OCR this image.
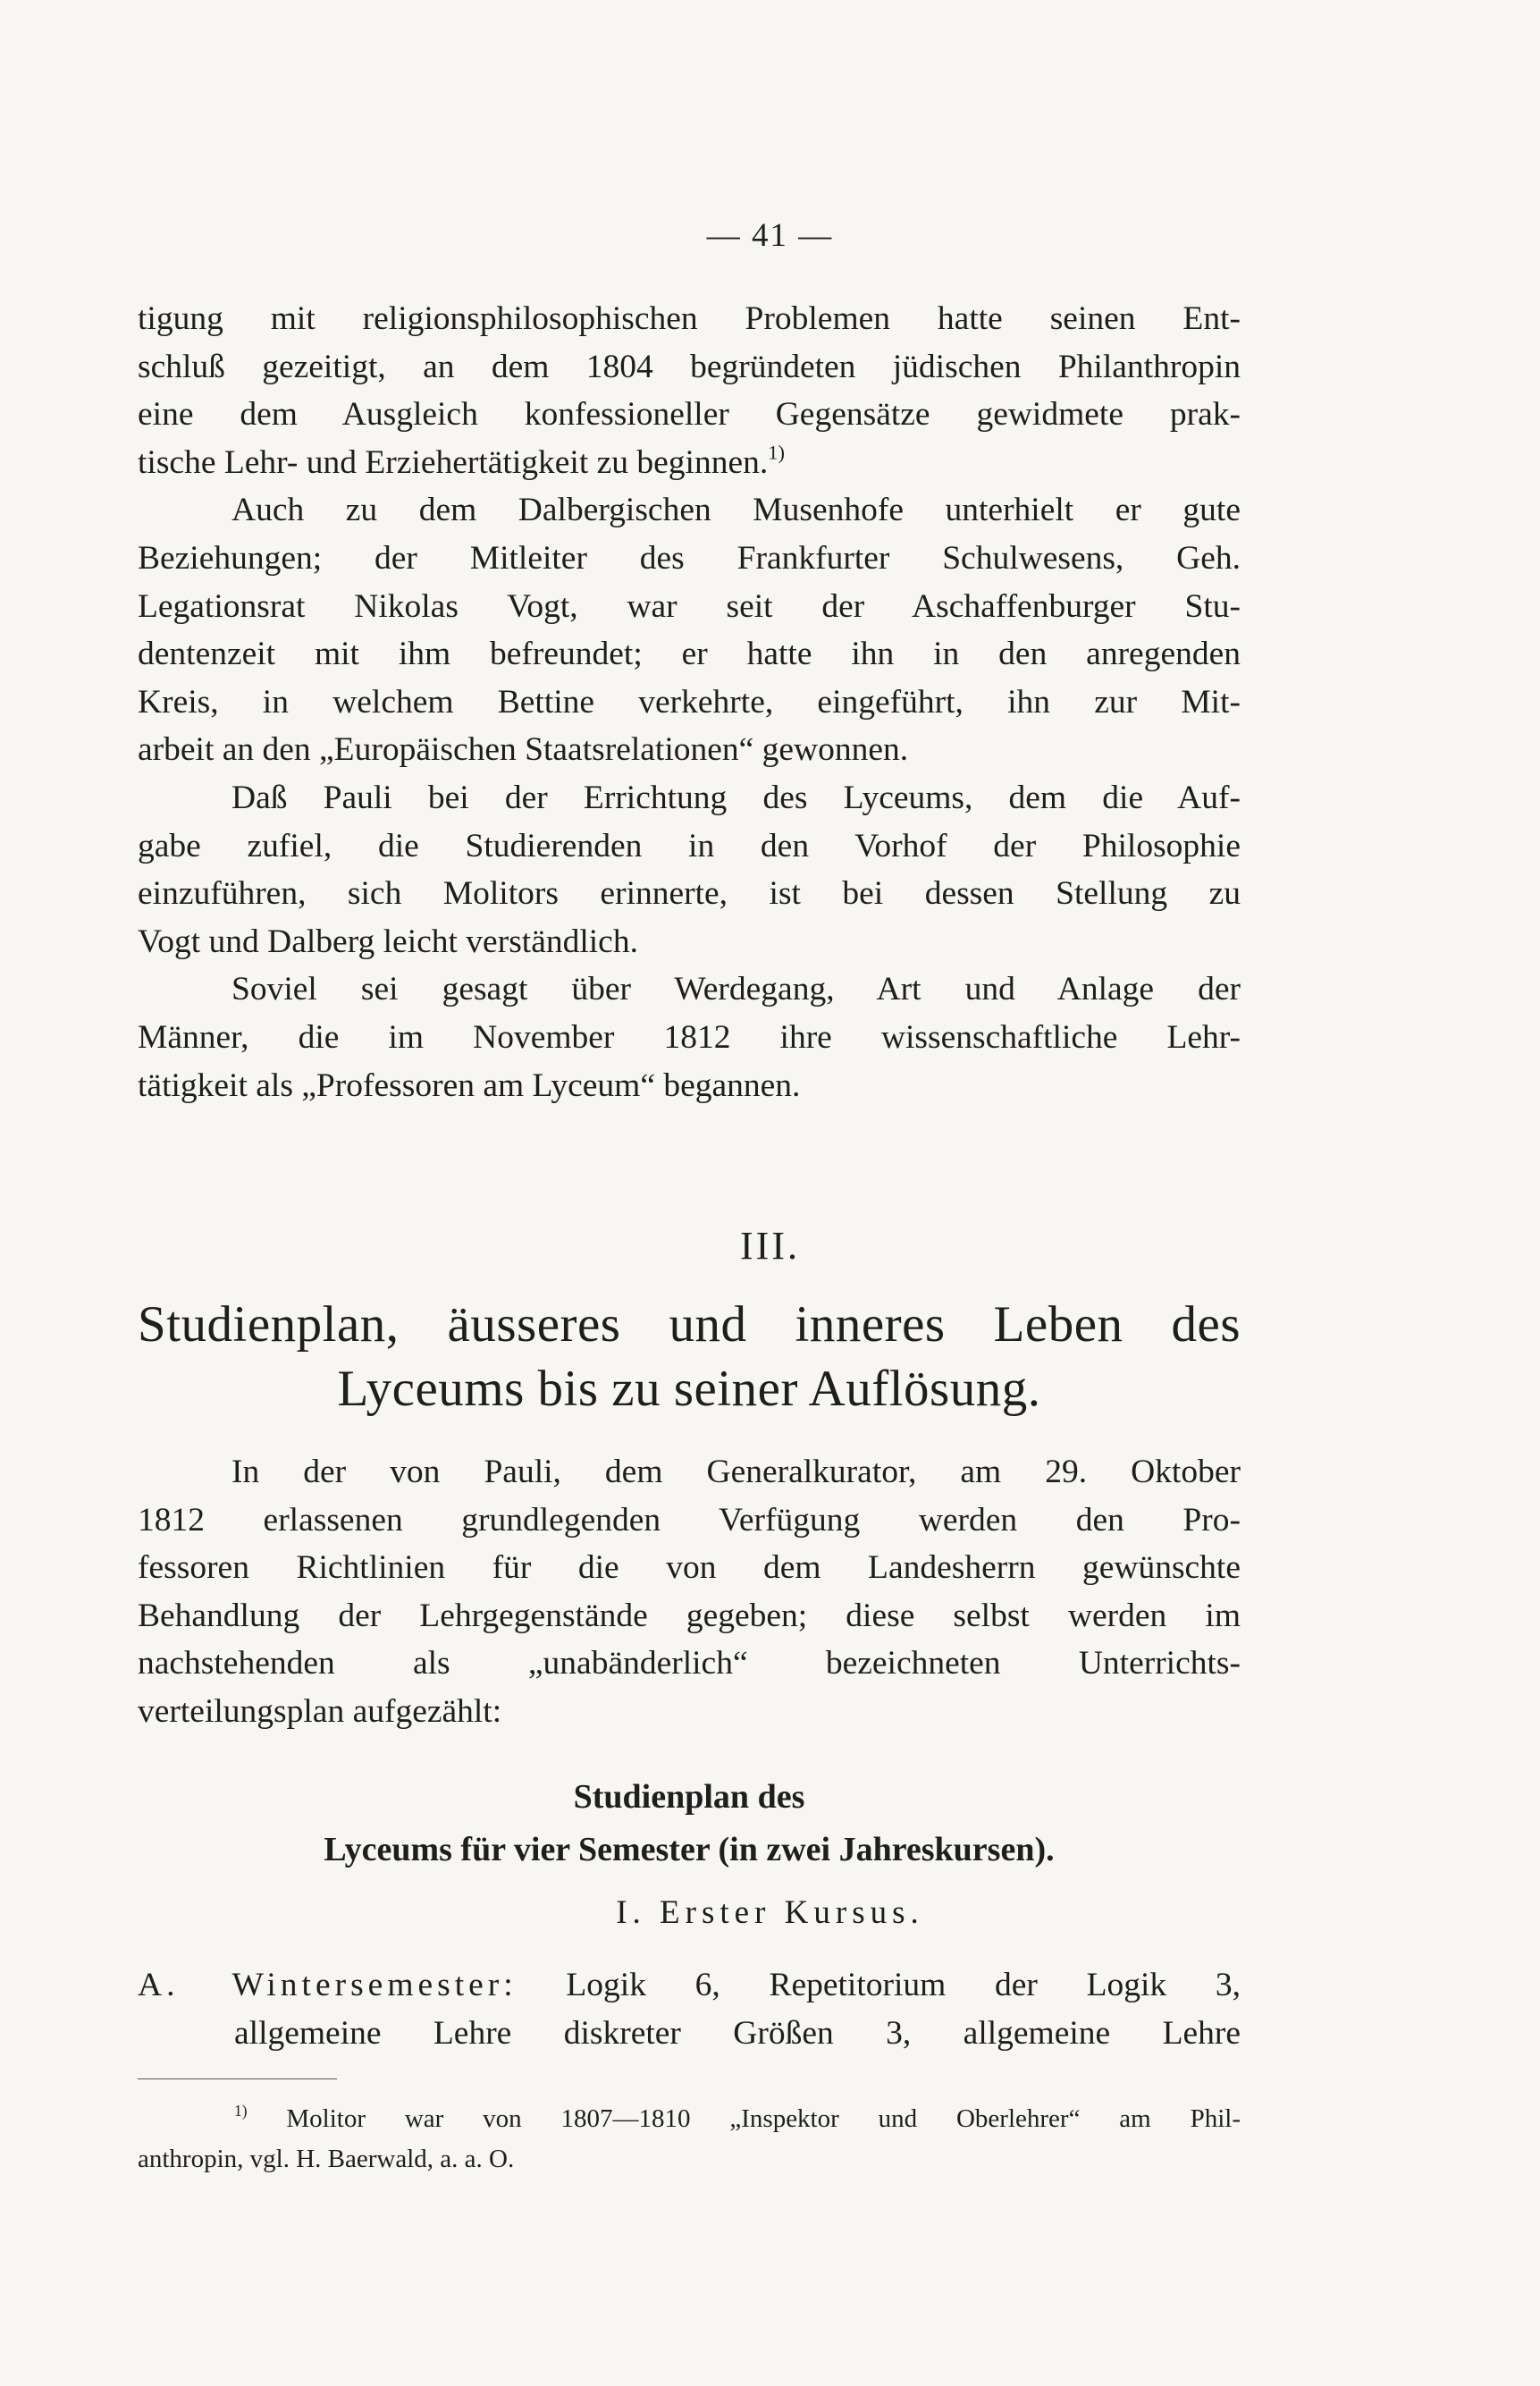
— 41 —
tigung mit religionsphilosophischen Problemen hatte seinen Ent-
schluß gezeitigt, an dem 1804 begründeten jüdischen Philanthropin
eine dem Ausgleich konfessioneller Gegensätze gewidmete prak-
tische Lehr- und Erziehertätigkeit zu beginnen.$^{1)}$
Auch zu dem Dalbergischen Musenhofe unterhielt er gute
Beziehungen; der Mitleiter des Frankfurter Schulwesens, Geh.
Legationsrat Nikolas Vogt, war seit der Aschaffenburger Stu-
dentenzeit mit ihm befreundet; er hatte ihn in den anregenden
Kreis, in welchem Bettine verkehrte, eingeführt, ihn zur Mit-
arbeit an den „Europäischen Staatsrelationen“ gewonnen.
Daß Pauli bei der Errichtung des Lyceums, dem die Auf-
gabe zufiel, die Studierenden in den Vorhof der Philosophie
einzuführen, sich Molitors erinnerte, ist bei dessen Stellung zu
Vogt und Dalberg leicht verständlich.
Soviel sei gesagt über Werdegang, Art und Anlage der
Männer, die im November 1812 ihre wissenschaftliche Lehr-
tätigkeit als „Professoren am Lyceum“ begannen.
III.
Studienplan, äusseres und inneres Leben des
Lyceums bis zu seiner Auflösung.
In der von Pauli, dem Generalkurator, am 29. Oktober
1812 erlassenen grundlegenden Verfügung werden den Pro-
fessoren Richtlinien für die von dem Landesherrn gewünschte
Behandlung der Lehrgegenstände gegeben; diese selbst werden im
nachstehenden als „unabänderlich“ bezeichneten Unterrichts-
verteilungsplan aufgezählt:
Studienplan des
Lyceums für vier Semester (in zwei Jahreskursen).
I. Erster Kursus.
A. Wintersemester: Logik 6, Repetitorium der Logik 3,
allgemeine Lehre diskreter Größen 3, allgemeine Lehre
$^{1)}$ Molitor war von 1807—1810 „Inspektor und Oberlehrer“ am Phil-
anthropin, vgl. H. Baerwald, a. a. O.
